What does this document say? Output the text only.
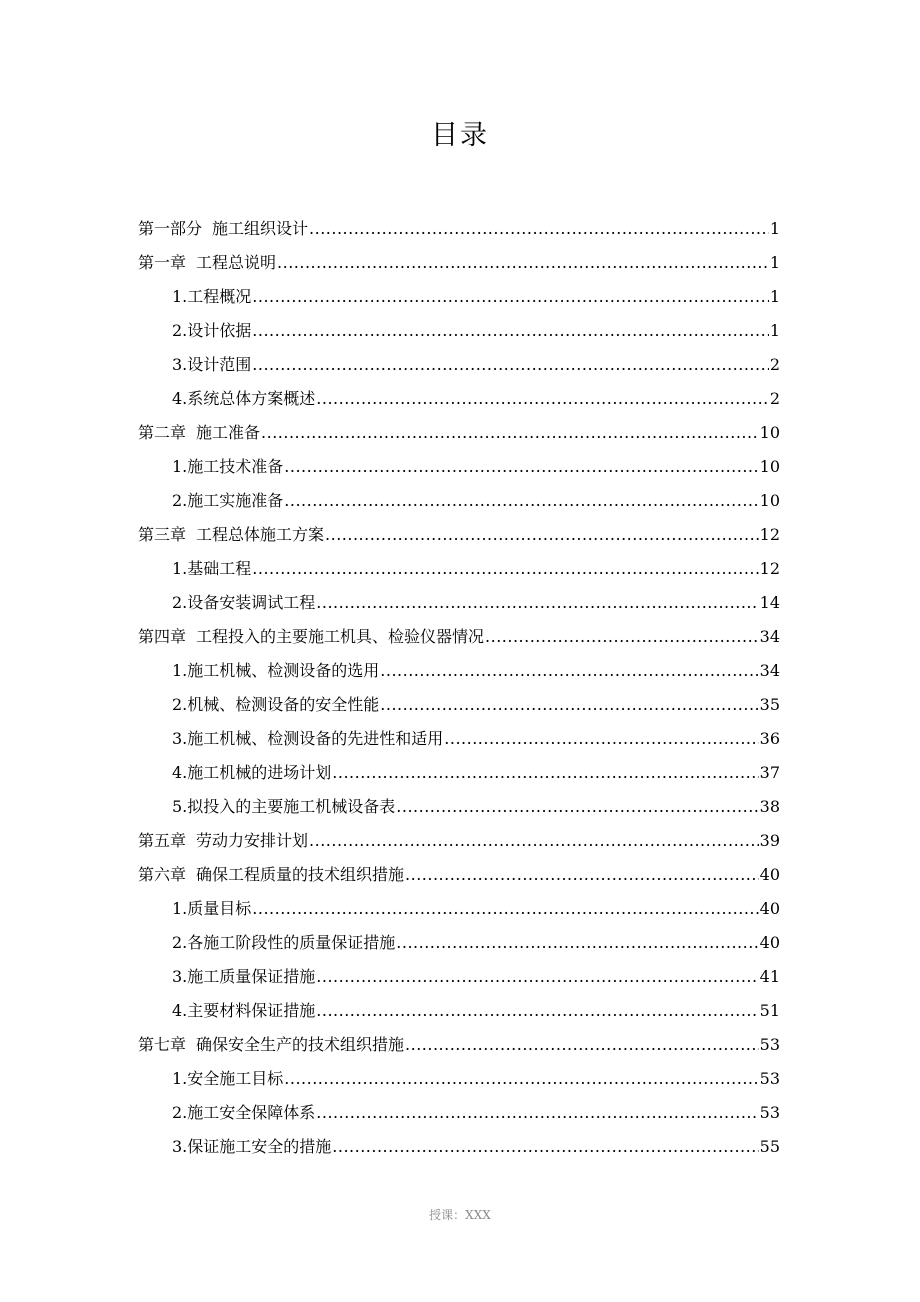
目录
第一部分 施工组织设计 .....	1
第一章 工程总说明 .....	1
1.工程概况 .....	1
2.设计依据 .....	1
3.设计范围 .....	2
4.系统总体方案概述 .....	2
第二章 施工准备 .....	10
1.施工技术准备 .....	10
2.施工实施准备 .....	10
第三章 工程总体施工方案 .....	12
1.基础工程 .....	12
2.设备安装调试工程 .....	14
第四章 工程投入的主要施工机具、检验仪器情况 .....	34
1.施工机械、检测设备的选用 .....	34
2.机械、检测设备的安全性能 .....	35
3.施工机械、检测设备的先进性和适用 .....	36
4.施工机械的进场计划 .....	37
5.拟投入的主要施工机械设备表 .....	38
第五章 劳动力安排计划 .....	39
第六章 确保工程质量的技术组织措施 .....	40
1.质量目标 .....	40
2.各施工阶段性的质量保证措施 .....	40
3.施工质量保证措施 .....	41
4.主要材料保证措施 .....	51
第七章 确保安全生产的技术组织措施 .....	53
1.安全施工目标 .....	53
2.施工安全保障体系 .....	53
3.保证施工安全的措施 .....	55
授课：XXX
